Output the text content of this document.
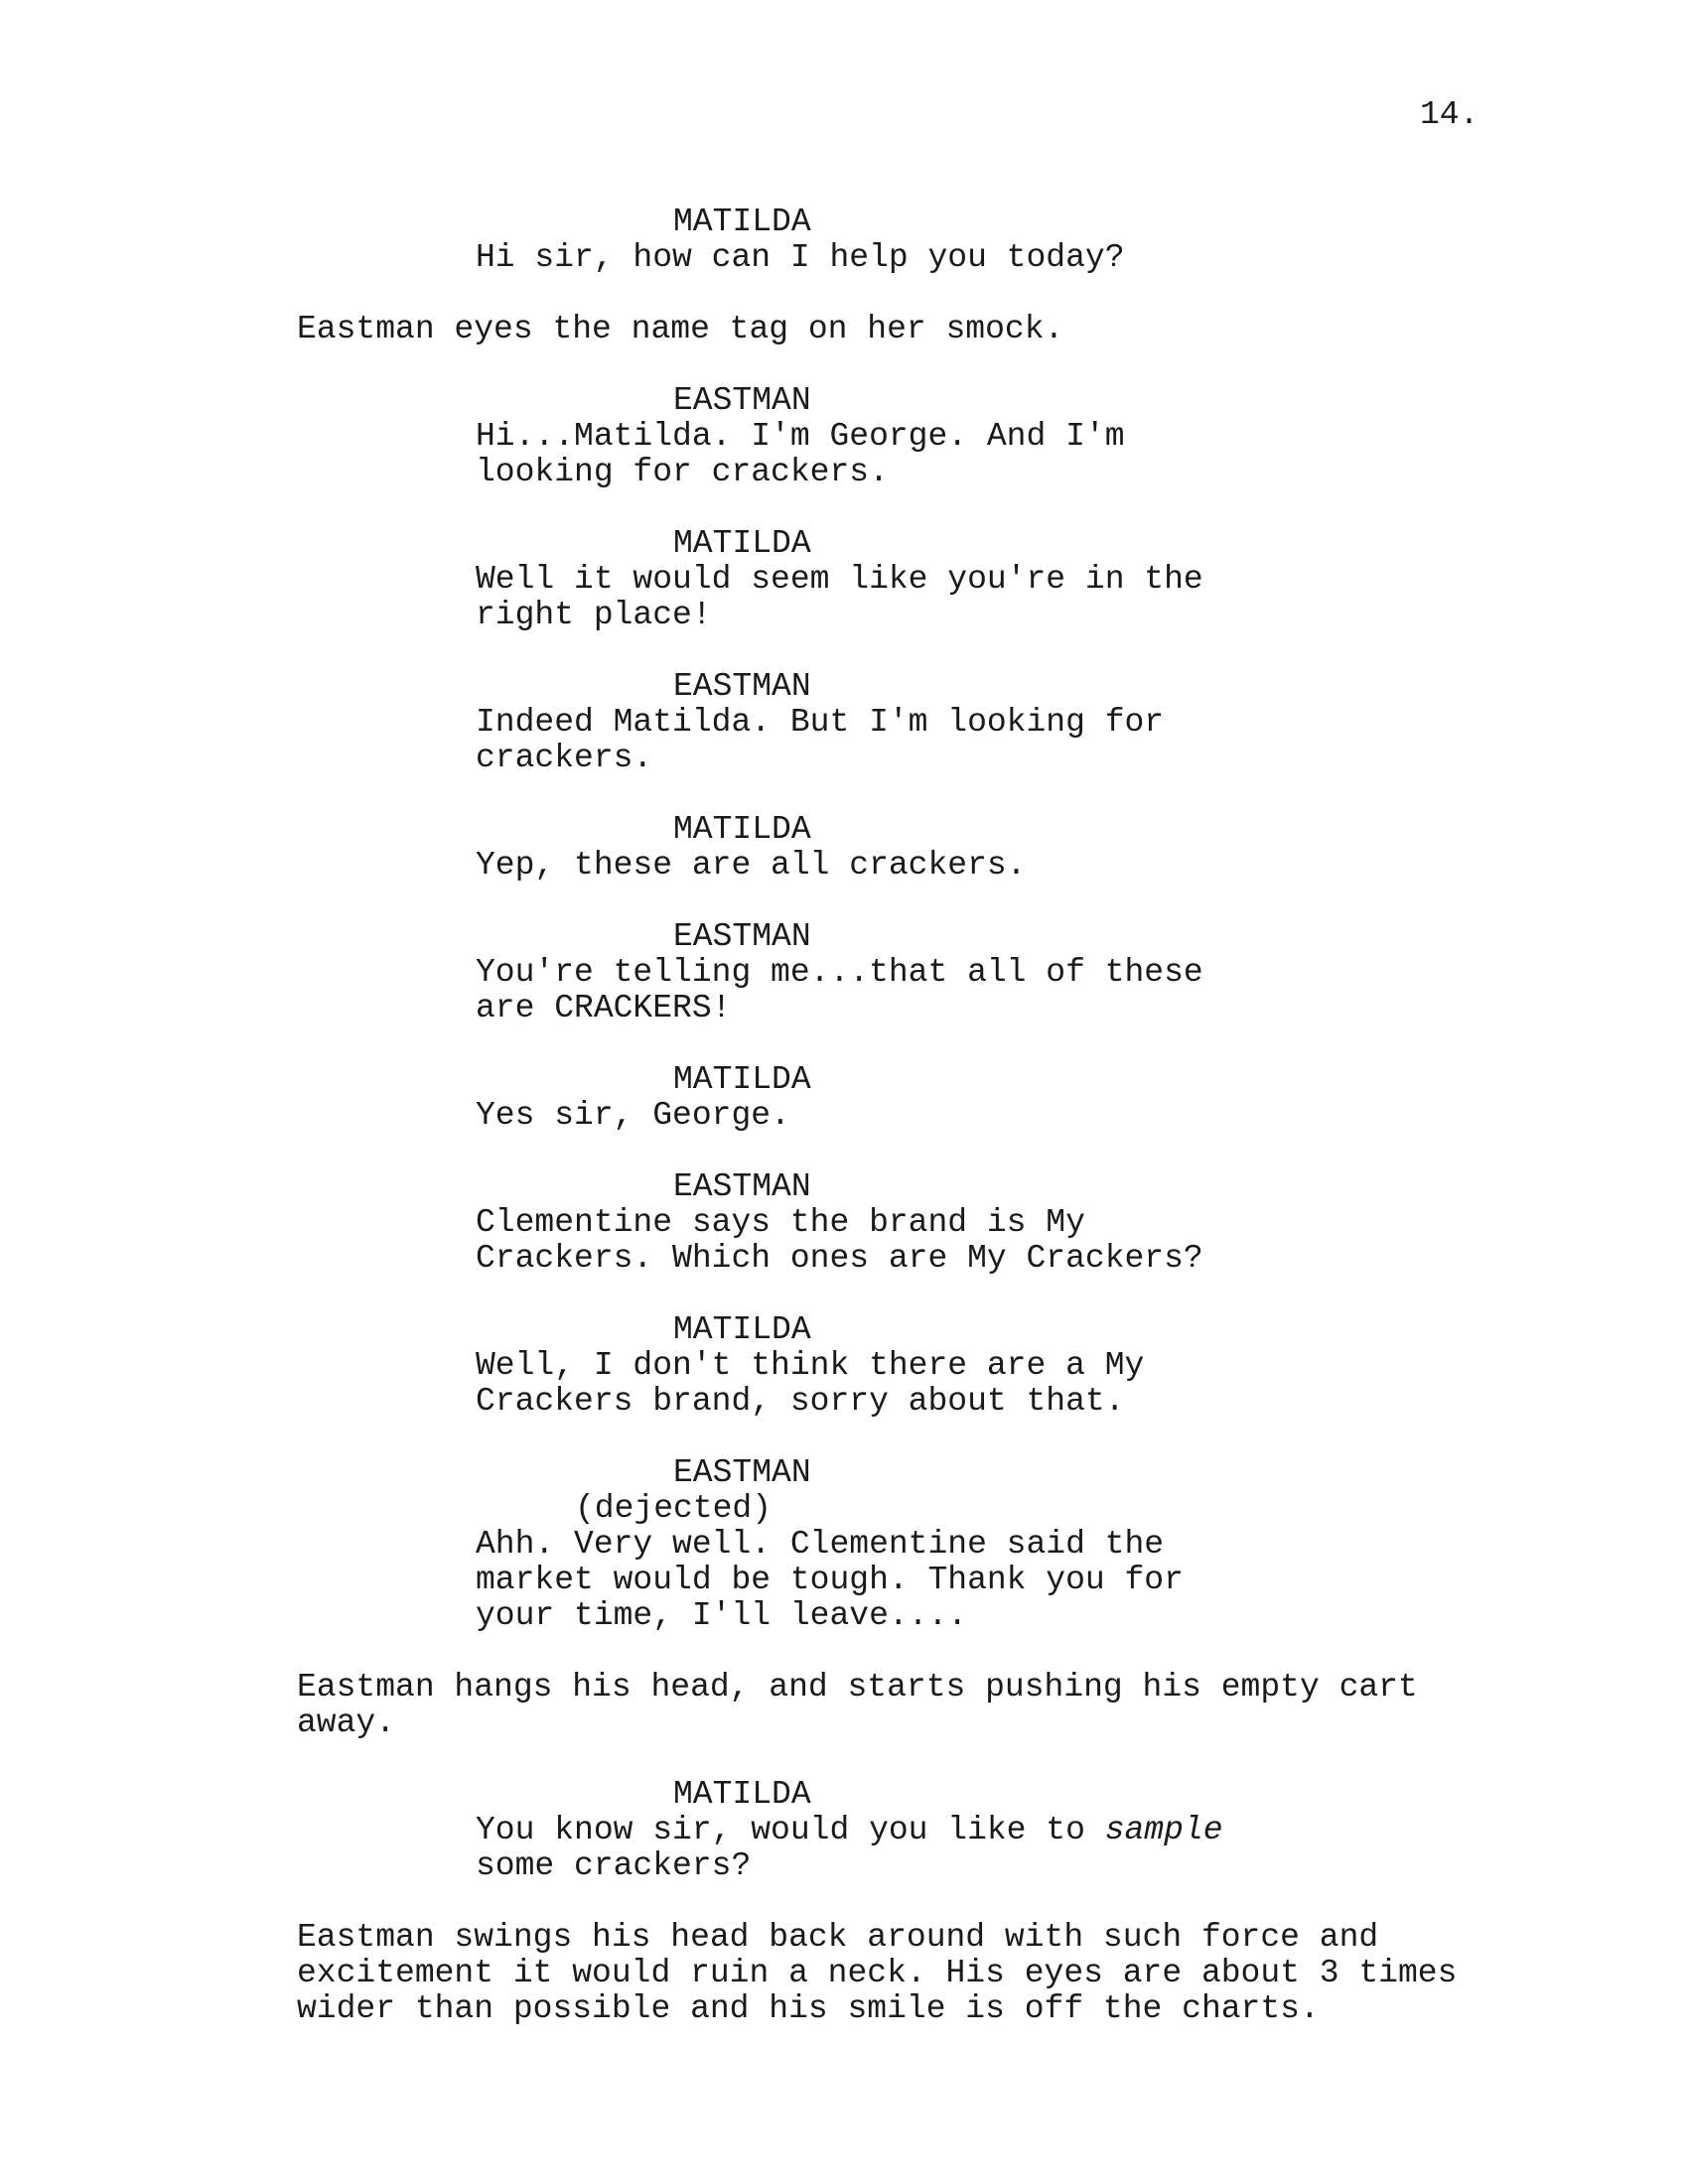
14.
MATILDA
Hi sir, how can I help you today?
Eastman eyes the name tag on her smock.
EASTMAN
Hi...Matilda. I'm George. And I'm
looking for crackers.
MATILDA
Well it would seem like you're in the
right place!
EASTMAN
Indeed Matilda. But I'm looking for
crackers.
MATILDA
Yep, these are all crackers.
EASTMAN
You're telling me...that all of these
are CRACKERS!
MATILDA
Yes sir, George.
EASTMAN
Clementine says the brand is My
Crackers. Which ones are My Crackers?
MATILDA
Well, I don't think there are a My
Crackers brand, sorry about that.
EASTMAN
(dejected)
Ahh. Very well. Clementine said the
market would be tough. Thank you for
your time, I'll leave....
Eastman hangs his head, and starts pushing his empty cart
away.
MATILDA
You know sir, would you like to sample
some crackers?
Eastman swings his head back around with such force and
excitement it would ruin a neck. His eyes are about 3 times
wider than possible and his smile is off the charts.
